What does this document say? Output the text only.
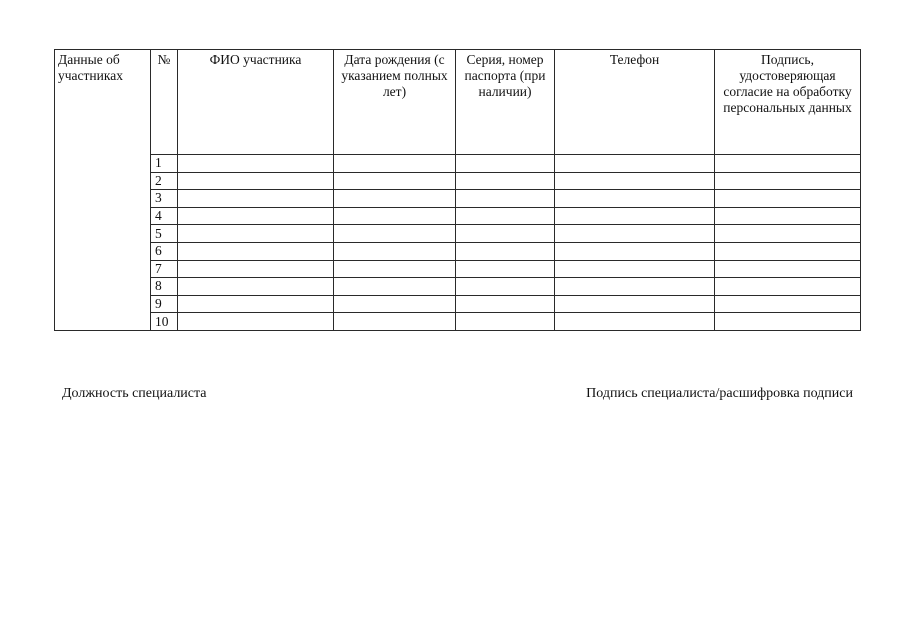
Данные об участниках	№	ФИО участника	Дата рождения (с указанием полных лет)	Серия, номер паспорта (при наличии)	Телефон	Подпись, удостоверяющая согласие на обработку персональных данных
	1					
	2					
	3					
	4					
	5					
	6					
	7					
	8					
	9					
	10					
Должность специалиста	Подпись специалиста/расшифровка подписи
